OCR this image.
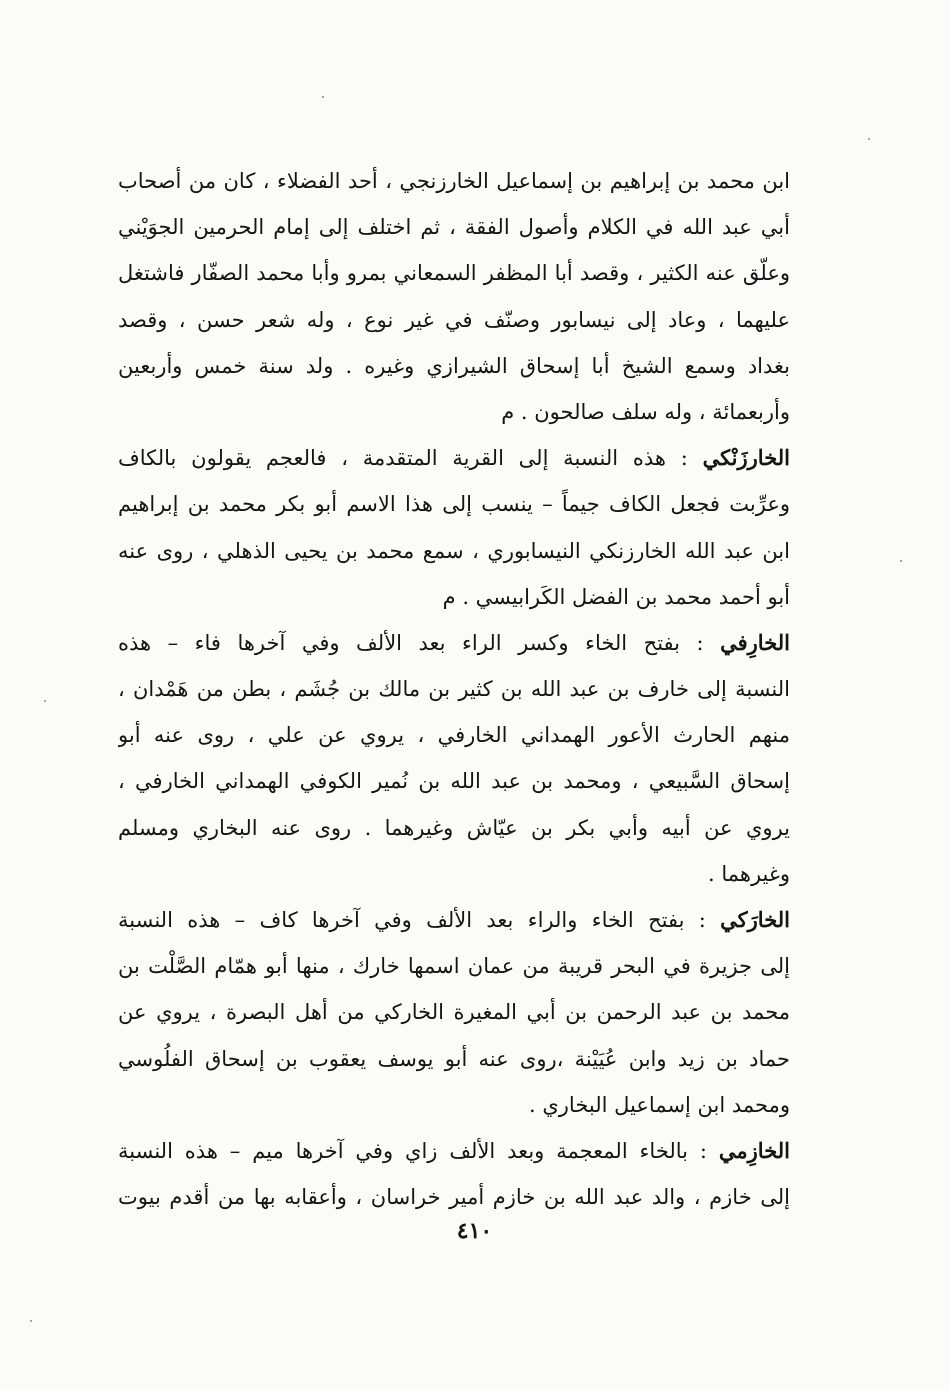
ابن محمد بن إبراهيم بن إسماعيل الخارزنجي ، أحد الفضلاء ، كان من أصحاب
أبي عبد الله في الكلام وأصول الفقة ، ثم اختلف إلى إمام الحرمين الجوَيْني
وعلّق عنه الكثير ، وقصد أبا المظفر السمعاني بمرو وأبا محمد الصفّار فاشتغل
عليهما ، وعاد إلى نيسابور وصنّف في غير نوع ، وله شعر حسن ، وقصد
بغداد وسمع الشيخ أبا إسحاق الشيرازي وغيره . ولد سنة خمس وأربعين
وأربعمائة ، وله سلف صالحون . م
الخارزَنْكي : هذه النسبة إلى القرية المتقدمة ، فالعجم يقولون بالكاف
وعرِّبت فجعل الكاف جيماً – ينسب إلى هذا الاسم أبو بكر محمد بن إبراهيم
ابن عبد الله الخارزنكي النيسابوري ، سمع محمد بن يحيى الذهلي ، روى عنه
أبو أحمد محمد بن الفضل الكَرابيسي . م
الخارِفي : بفتح الخاء وكسر الراء بعد الألف وفي آخرها فاء – هذه
النسبة إلى خارف بن عبد الله بن كثير بن مالك بن جُشَم ، بطن من هَمْدان ،
منهم الحارث الأعور الهمداني الخارفي ، يروي عن علي ، روى عنه أبو
إسحاق السَّبيعي ، ومحمد بن عبد الله بن نُمير الكوفي الهمداني الخارفي ،
يروي عن أبيه وأبي بكر بن عيّاش وغيرهما . روى عنه البخاري ومسلم
وغيرهما .
الخارَكي : بفتح الخاء والراء بعد الألف وفي آخرها كاف – هذه النسبة
إلى جزيرة في البحر قريبة من عمان اسمها خارك ، منها أبو همّام الصَّلْت بن
محمد بن عبد الرحمن بن أبي المغيرة الخاركي من أهل البصرة ، يروي عن
حماد بن زيد وابن عُيَيْنة ،روى عنه أبو يوسف يعقوب بن إسحاق الفلُوسي
ومحمد ابن إسماعيل البخاري .
الخازِمي : بالخاء المعجمة وبعد الألف زاي وفي آخرها ميم – هذه النسبة
إلى خازم ، والد عبد الله بن خازم أمير خراسان ، وأعقابه بها من أقدم بيوت
٤١٠
